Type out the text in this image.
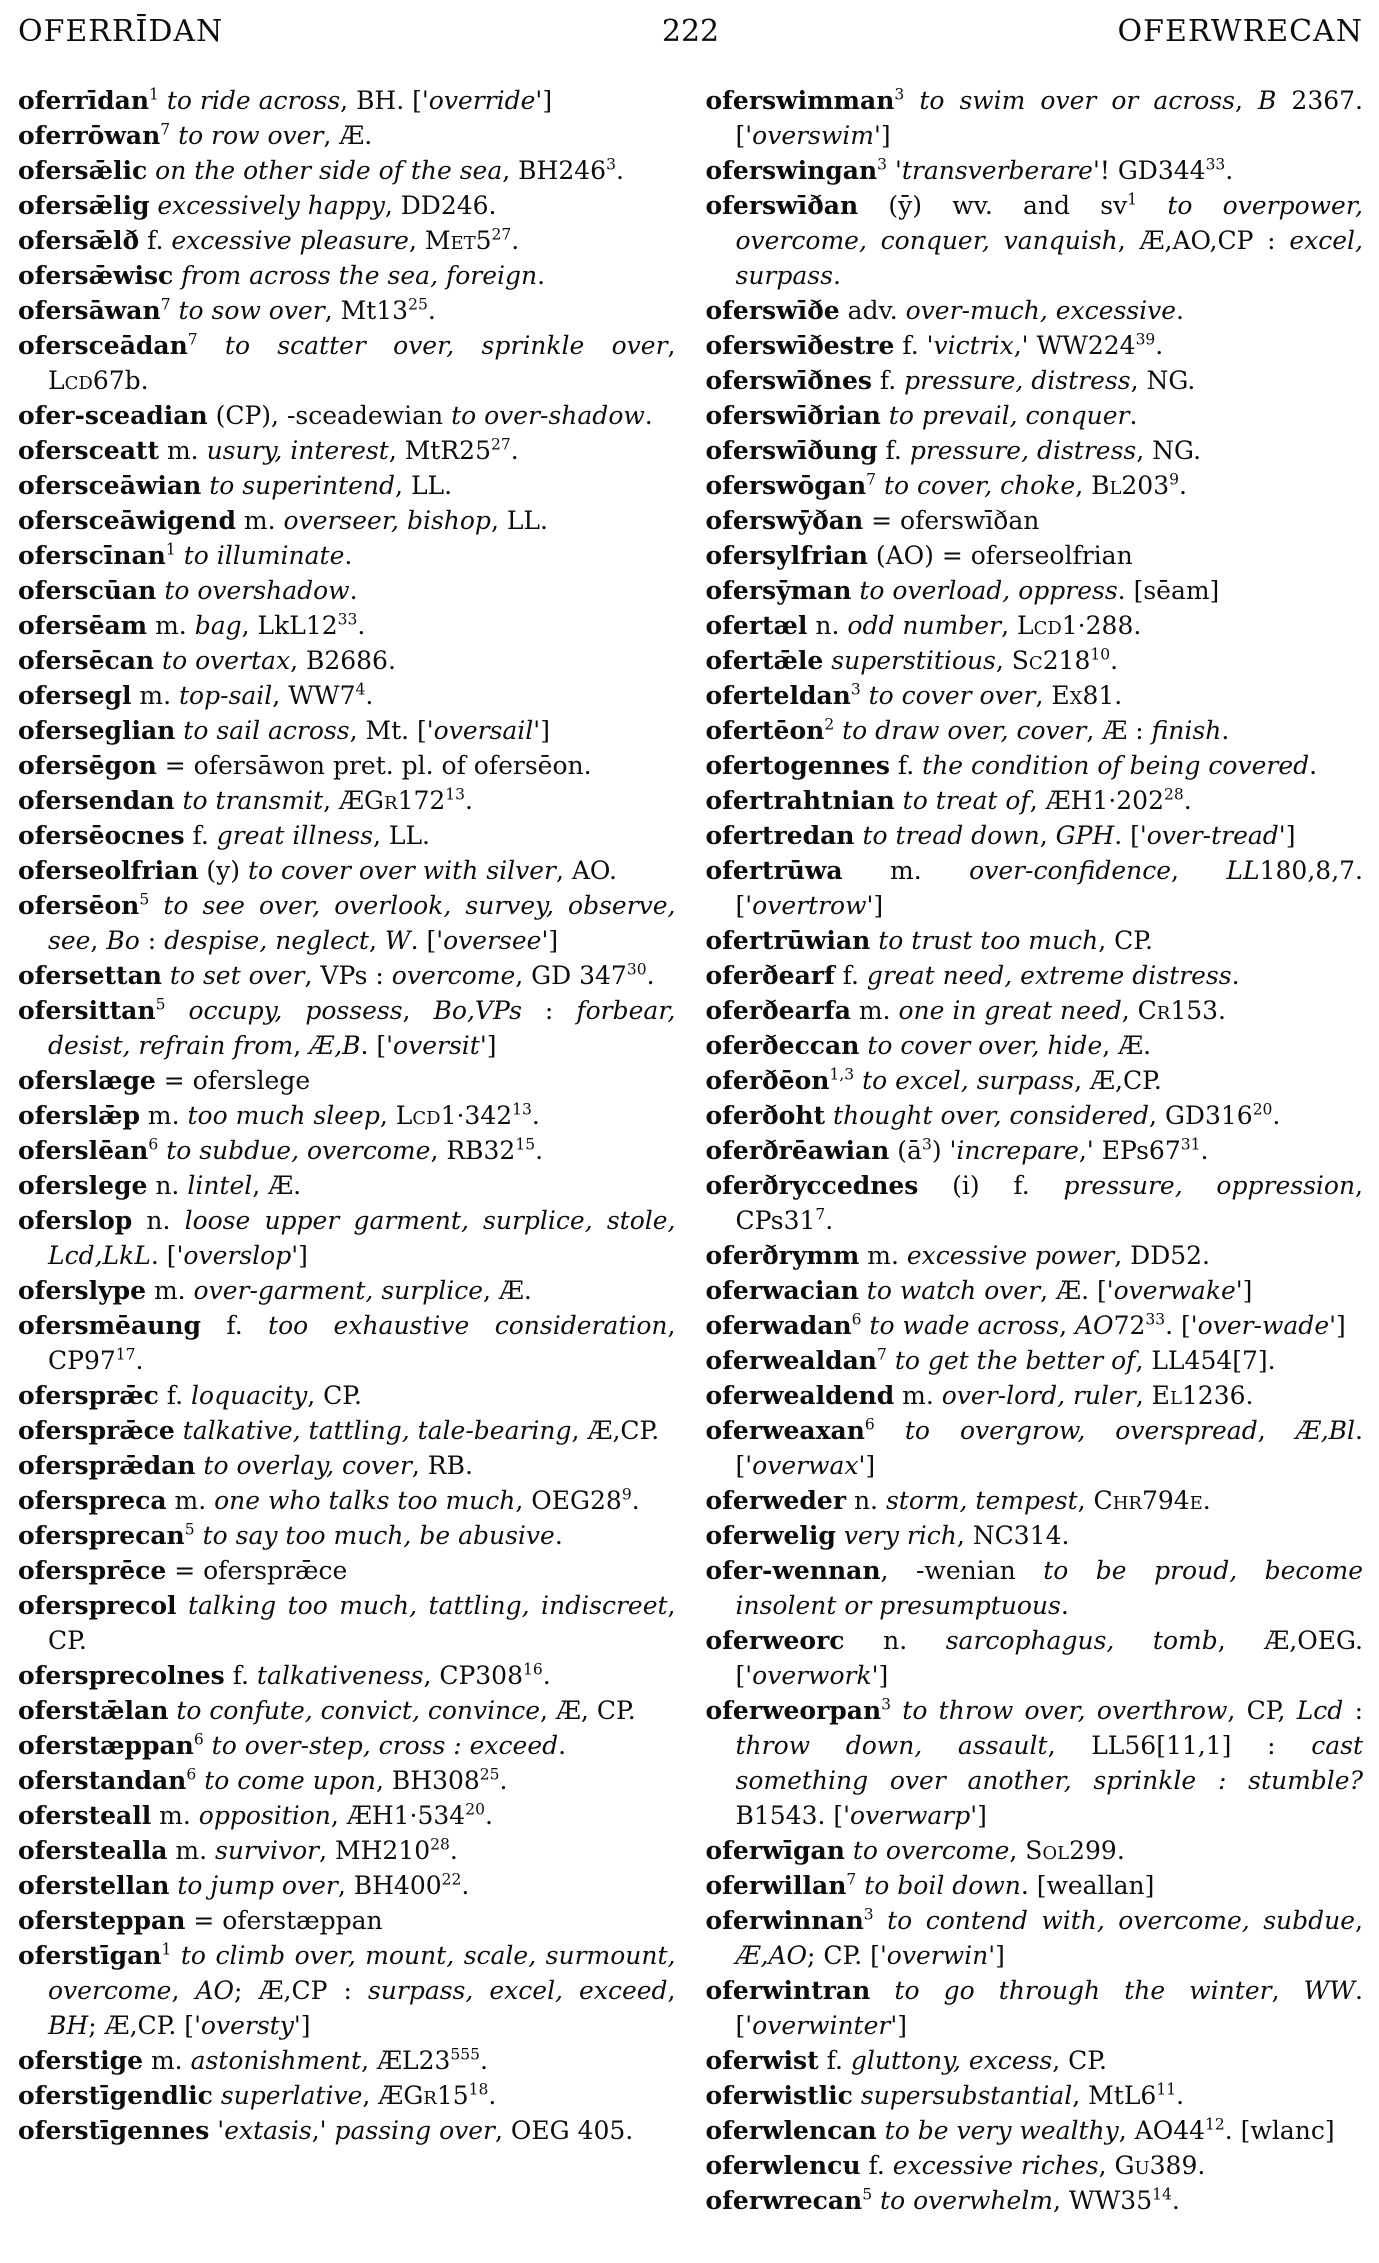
OFERRĪDAN	222	OFERWRECAN

oferrīdan$^1$ to ride across, BH. ['override']

oferrōwan$^7$ to row over, Æ.

ofersǣlic on the other side of the sea, $BH246^3$.

ofersǣlig excessively happy, DD246.

ofersǣlð f. excessive pleasure, $Met5^{27}$.

ofersǣwisc from across the sea, foreign.

ofersāwan$^7$ to sow over, $Mt13^{25}$.

ofersceādan$^7$ to scatter over, sprinkle over, Lcd67b.

ofer-sceadian (CP), -sceadewian to over-shadow.

ofersceatt m. usury, interest, $MtR25^{27}$.

ofersceāwian to superintend, LL.

ofersceāwigend m. overseer, bishop, LL.

oferscīnan$^1$ to illuminate.

oferscūan to overshadow.

ofersēam m. bag, $LkL12^{33}$.

ofersēcan to overtax, B2686.

ofersegl m. top-sail, $WW7^4$.

oferseglian to sail across, Mt. ['oversail']

ofersēgon = ofersāwon pret. pl. of ofersēon.

ofersendan to transmit, $ÆGr172^{13}$.

ofersēocnes f. great illness, LL.

oferseolfrian (y) to cover over with silver, AO.

ofersēon$^5$ to see over, overlook, survey, observe, see, Bo : despise, neglect, W. ['oversee']

ofersettan to set over, VPs : overcome, GD $347^{30}$.

ofersittan$^5$ occupy, possess, Bo,VPs : forbear, desist, refrain from, Æ,B. ['oversit']

oferslæge = oferslege

oferslǣp m. too much sleep, $Lcd1\cdot 342^{13}$.

oferslēan$^6$ to subdue, overcome, $RB32^{15}$.

oferslege n. lintel, Æ.

oferslop n. loose upper garment, surplice, stole, Lcd,LkL. ['overslop']

oferslype m. over-garment, surplice, Æ.

ofersmēaung f. too exhaustive consideration, $CP97^{17}$.

ofersprǣc f. loquacity, CP.

ofersprǣce talkative, tattling, tale-bearing, Æ,CP.

ofersprǣdan to overlay, cover, RB.

oferspreca m. one who talks too much, $OEG28^9$.

ofersprecan$^5$ to say too much, be abusive.

ofersprēce = ofersprǣce

ofersprecol talking too much, tattling, indiscreet, CP.

ofersprecolnes f. talkativeness, $CP308^{16}$.

oferstǣlan to confute, convict, convince, Æ, CP.

oferstæppan$^6$ to over-step, cross : exceed.

oferstandan$^6$ to come upon, $BH308^{25}$.

ofersteall m. opposition, $ÆH1\cdot 534^{20}$.

oferstealla m. survivor, $MH210^{28}$.

oferstellan to jump over, $BH400^{22}$.

ofersteppan = oferstæppan

oferstīgan$^1$ to climb over, mount, scale, surmount, overcome, AO; Æ,CP : surpass, excel, exceed, BH; Æ,CP. ['oversty']

oferstige m. astonishment, $ÆL23^{555}$.

oferstīgendlic superlative, $ÆGr15^{18}$.

oferstīgennes 'extasis,' passing over, OEG 405.

oferswimman$^3$ to swim over or across, B 2367. ['overswim']

oferswingan$^3$ 'transverberare'! $GD344^{33}$.

oferswīðan (ȳ) wv. and $sv^1$ to overpower, overcome, conquer, vanquish, Æ,AO,CP : excel, surpass.

oferswīðe adv. over-much, excessive.

oferswīðestre f. 'victrix,' $WW224^{39}$.

oferswīðnes f. pressure, distress, NG.

oferswīðrian to prevail, conquer.

oferswīðung f. pressure, distress, NG.

oferswōgan$^7$ to cover, choke, $Bl203^9$.

oferswȳðan = oferswīðan

ofersylfrian (AO) = oferseolfrian

ofersȳman to overload, oppress. [sēam]

ofertæl n. odd number, Lcd1·288.

ofertǣle superstitious, $Sc218^{10}$.

oferteldan$^3$ to cover over, Ex81.

ofertēon$^2$ to draw over, cover, Æ : finish.

ofertogennes f. the condition of being covered.

ofertrahtnian to treat of, $ÆH1\cdot 202^{28}$.

ofertredan to tread down, GPH. ['over-tread']

ofertrūwa m. over-confidence, LL180,8,7. ['overtrow']

ofertrūwian to trust too much, CP.

oferðearf f. great need, extreme distress.

oferðearfa m. one in great need, Cr153.

oferðeccan to cover over, hide, Æ.

oferðēon$^{1,3}$ to excel, surpass, Æ,CP.

oferðoht thought over, considered, $GD316^{20}$.

oferðrēawian $(ā^3)$ 'increpare,' $EPs67^{31}$.

oferðryccednes (i) f. pressure, oppression, $CPs31^7$.

oferðrymm m. excessive power, DD52.

oferwacian to watch over, Æ. ['overwake']

oferwadan$^6$ to wade across, $AO72^{33}$. ['over-wade']

oferwealdan$^7$ to get the better of, LL454[7].

oferwealdend m. over-lord, ruler, El1236.

oferweaxan$^6$ to overgrow, overspread, Æ,Bl. ['overwax']

oferweder n. storm, tempest, Chr794e.

oferwelig very rich, NC314.

ofer-wennan, -wenian to be proud, become insolent or presumptuous.

oferweorc n. sarcophagus, tomb, Æ,OEG. ['overwork']

oferweorpan$^3$ to throw over, overthrow, CP, Lcd : throw down, assault, LL56[11,1] : cast something over another, sprinkle : stumble? B1543. ['overwarp']

oferwīgan to overcome, Sol299.

oferwillan$^7$ to boil down. [weallan]

oferwinnan$^3$ to contend with, overcome, subdue, Æ,AO; CP. ['overwin']

oferwintran to go through the winter, WW. ['overwinter']

oferwist f. gluttony, excess, CP.

oferwistlic supersubstantial, $MtL6^{11}$.

oferwlencan to be very wealthy, $AO44^{12}$. [wlanc]

oferwlencu f. excessive riches, Gu389.

oferwrecan$^5$ to overwhelm, $WW35^{14}$.
